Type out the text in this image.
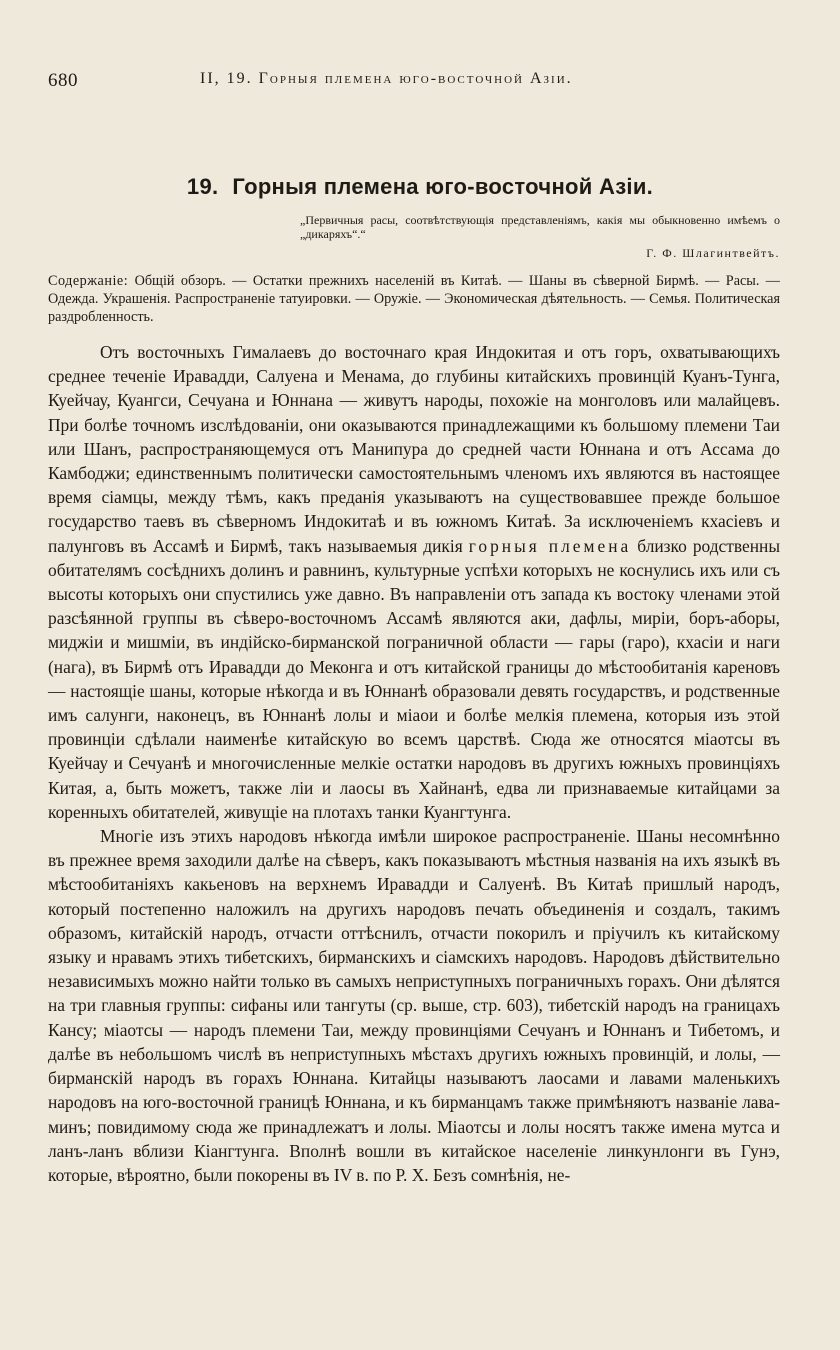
680	II, 19. Горныя племена юго-восточной Азіи.
19. Горныя племена юго-восточной Азіи.
„Первичныя расы, соотвѣтствующія представленіямъ, какія мы обыкновенно имѣемъ о „дикаряхъ“.“
Г. Ф. Шлагинтвейтъ.
Содержаніе: Общій обзоръ. — Остатки прежнихъ населеній въ Китаѣ. — Шаны въ сѣверной Бирмѣ. — Расы. — Одежда. Украшенія. Распространеніе татуировки. — Оружіе. — Экономическая дѣятельность. — Семья. Политическая раздробленность.

Отъ восточныхъ Гималаевъ до восточнаго края Индокитая и отъ горъ, охватывающихъ среднее теченіе Иравадди, Салуена и Менама, до глубины китайскихъ провинцій Куанъ-Тунга, Куейчау, Куангси, Сечуана и Юннана — живутъ народы, похожіе на монголовъ или малайцевъ. При болѣе точномъ изслѣдованіи, они оказываются принадлежащими къ большому племени Таи или Шанъ, распространяющемуся отъ Манипура до средней части Юннана и отъ Ассама до Камбоджи; единственнымъ политически самостоятельнымъ членомъ ихъ являются въ настоящее время сіамцы, между тѣмъ, какъ преданія указываютъ на существовавшее прежде большое государство таевъ въ сѣверномъ Индокитаѣ и въ южномъ Китаѣ. За исключеніемъ кхасіевъ и палунговъ въ Ассамѣ и Бирмѣ, такъ называемыя дикія горныя племена близко родственны обитателямъ сосѣднихъ долинъ и равнинъ, культурные успѣхи которыхъ не коснулись ихъ или съ высоты которыхъ они спустились уже давно. Въ направленіи отъ запада къ востоку членами этой разсѣянной группы въ сѣверо-восточномъ Ассамѣ являются аки, дафлы, миріи, боръ-аборы, миджіи и мишміи, въ индійско-бирманской пограничной области — гары (гаро), кхасіи и наги (нага), въ Бирмѣ отъ Иравадди до Меконга и отъ китайской границы до мѣстообитанія кареновъ — настоящіе шаны, которые нѣкогда и въ Юннанѣ образовали девять государствъ, и родственные имъ салунги, наконецъ, въ Юннанѣ лолы и міаои и болѣе мелкія племена, которыя изъ этой провинціи сдѣлали наименѣе китайскую во всемъ царствѣ. Сюда же относятся міаотсы въ Куейчау и Сечуанѣ и многочисленные мелкіе остатки народовъ въ другихъ южныхъ провинціяхъ Китая, а, быть можетъ, также ліи и лаосы въ Хайнанѣ, едва ли признаваемые китайцами за коренныхъ обитателей, живущіе на плотахъ танки Куангтунга.

Многіе изъ этихъ народовъ нѣкогда имѣли широкое распространеніе. Шаны несомнѣнно въ прежнее время заходили далѣе на сѣверъ, какъ показываютъ мѣстныя названія на ихъ языкѣ въ мѣстообитаніяхъ какьеновъ на верхнемъ Иравадди и Салуенѣ. Въ Китаѣ пришлый народъ, который постепенно наложилъ на другихъ народовъ печать объединенія и создалъ, такимъ образомъ, китайскій народъ, отчасти оттѣснилъ, отчасти покорилъ и пріучилъ къ китайскому языку и нравамъ этихъ тибетскихъ, бирманскихъ и сіамскихъ народовъ. Народовъ дѣйствительно независимыхъ можно найти только въ самыхъ неприступныхъ пограничныхъ горахъ. Они дѣлятся на три главныя группы: сифаны или тангуты (ср. выше, стр. 603), тибетскій народъ на границахъ Кансу; міаотсы — народъ племени Таи, между провинціями Сечуанъ и Юннанъ и Тибетомъ, и далѣе въ небольшомъ числѣ въ неприступныхъ мѣстахъ другихъ южныхъ провинцій, и лолы, — бирманскій народъ въ горахъ Юннана. Китайцы называютъ лаосами и лавами маленькихъ народовъ на юго-восточной границѣ Юннана, и къ бирманцамъ также примѣняютъ названіе лава-минъ; повидимому сюда же принадлежатъ и лолы. Міаотсы и лолы носятъ также имена мутса и ланъ-ланъ вблизи Кіангтунга. Вполнѣ вошли въ китайское населеніе линкунлонги въ Гунэ, которые, вѣроятно, были покорены въ IV в. по Р. Х. Безъ сомнѣнія, не-
